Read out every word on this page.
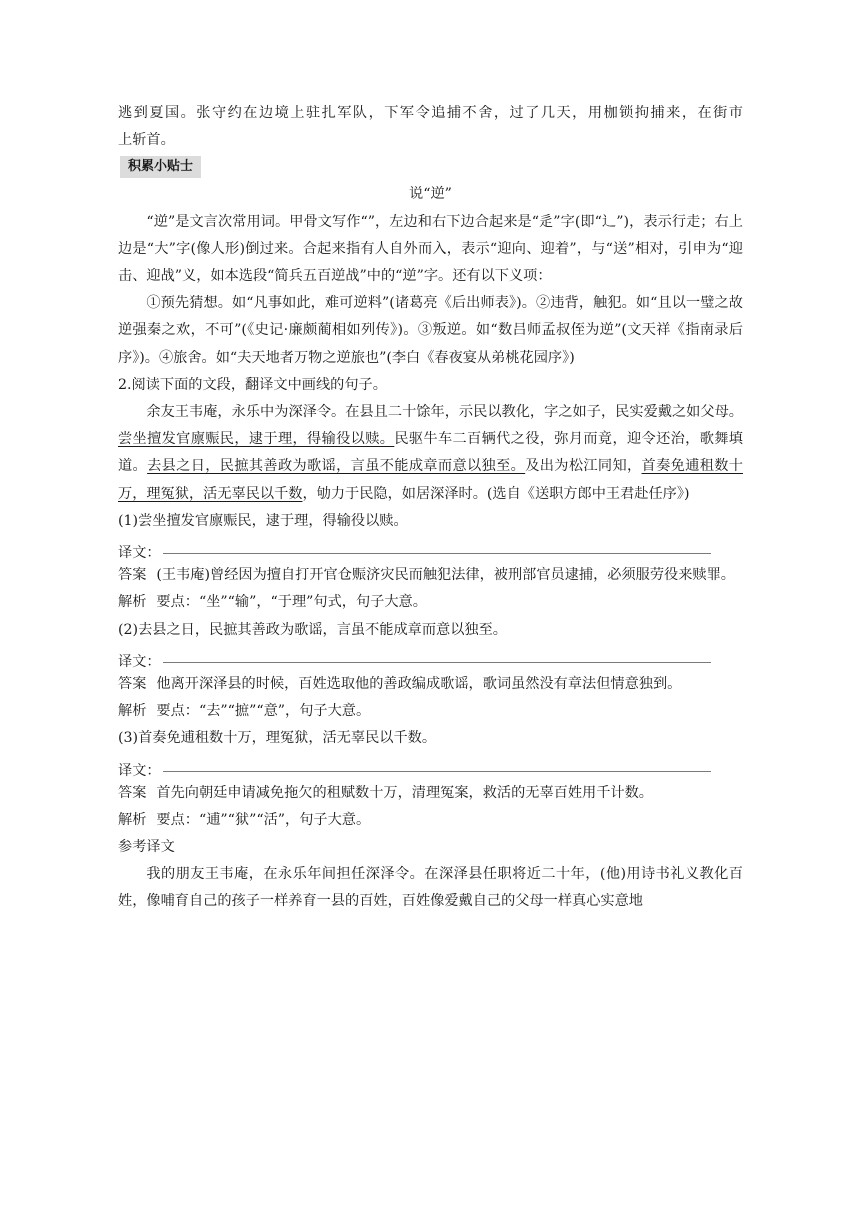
逃到夏国。张守约在边境上驻扎军队，下军令追捕不舍，过了几天，用枷锁拘捕来，在街市
上斩首。
积累小贴士
说“逆”

“逆”是文言次常用词。甲骨文写作“”，左边和右下边合起来是“辵”字(即“辶”)，表示行走；右上边是“大”字(像人形)倒过来。合起来指有人自外而入，表示“迎向、迎着”，与“送”相对，引申为“迎击、迎战”义，如本选段“简兵五百逆战”中的“逆”字。还有以下义项：

①预先猜想。如“凡事如此，难可逆料”(诸葛亮《后出师表》)。②违背，触犯。如“且以一璧之故逆强秦之欢，不可”(《史记·廉颇蔺相如列传》)。③叛逆。如“数吕师孟叔侄为逆”(文天祥《指南录后序》)。④旅舍。如“夫天地者万物之逆旅也”(李白《春夜宴从弟桃花园序》)

2.阅读下面的文段，翻译文中画线的句子。

余友王韦庵，永乐中为深泽令。在县且二十馀年，示民以教化，字之如子，民实爱戴之如父母。尝坐擅发官廪赈民，逮于理，得输役以赎。民驱牛车二百辆代之役，弥月而竟，迎令还治，歌舞填道。去县之日，民摭其善政为歌谣，言虽不能成章而意以独至。及出为松江同知，首奏免逋租数十万，理冤狱，活无辜民以千数，劬力于民隐，如居深泽时。(选自《送职方郎中王君赴任序》)

(1)尝坐擅发官廪赈民，逮于理，得输役以赎。
译文：

答案 (王韦庵)曾经因为擅自打开官仓赈济灾民而触犯法律，被刑部官员逮捕，必须服劳役来赎罪。

解析 要点：“坐”“输”，“于理”句式，句子大意。
(2)去县之日，民摭其善政为歌谣，言虽不能成章而意以独至。
译文：
答案 他离开深泽县的时候，百姓选取他的善政编成歌谣，歌词虽然没有章法但情意独到。
解析 要点：“去”“摭”“意”，句子大意。
(3)首奏免逋租数十万，理冤狱，活无辜民以千数。
译文：
答案 首先向朝廷申请减免拖欠的租赋数十万，清理冤案，救活的无辜百姓用千计数。
解析 要点：“逋”“狱”“活”，句子大意。
参考译文

我的朋友王韦庵，在永乐年间担任深泽令。在深泽县任职将近二十年，(他)用诗书礼义教化百姓，像哺育自己的孩子一样养育一县的百姓，百姓像爱戴自己的父母一样真心实意地
